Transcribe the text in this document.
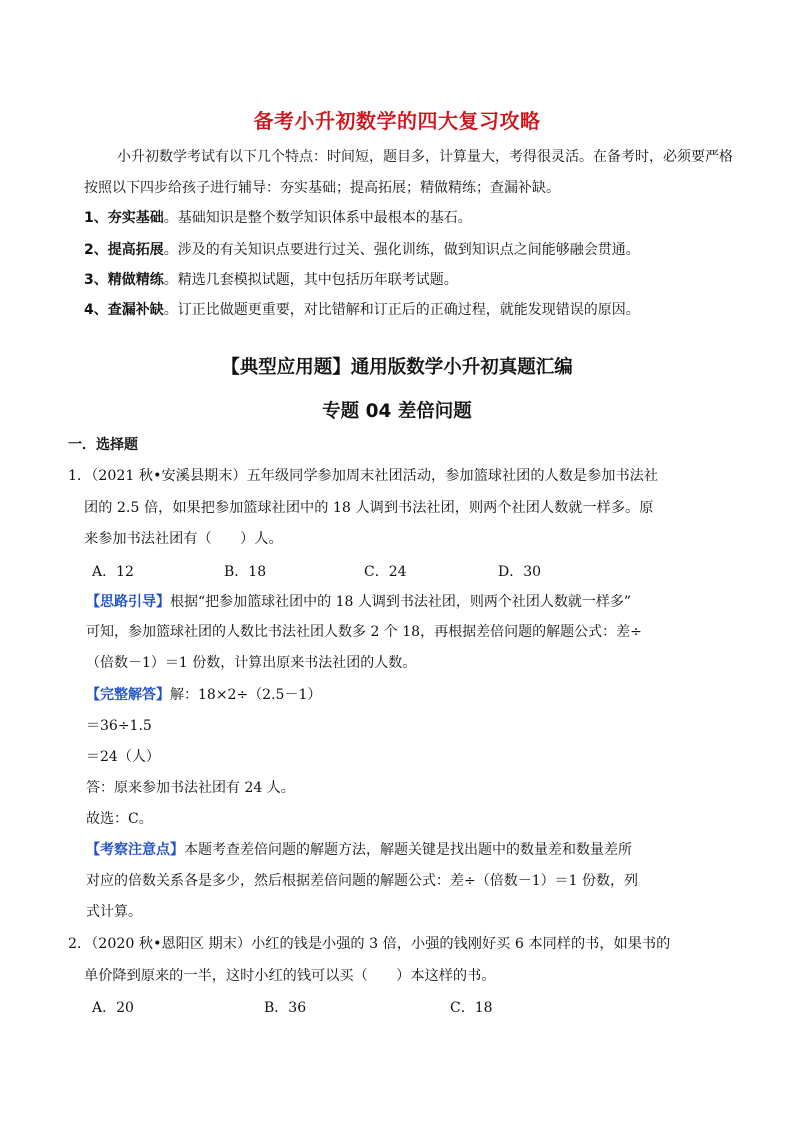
备考小升初数学的四大复习攻略
小升初数学考试有以下几个特点：时间短，题目多，计算量大，考得很灵活。在备考时，必须要严格
按照以下四步给孩子进行辅导：夯实基础；提高拓展；精做精练；查漏补缺。
1、夯实基础。基础知识是整个数学知识体系中最根本的基石。
2、提高拓展。涉及的有关知识点要进行过关、强化训练，做到知识点之间能够融会贯通。
3、精做精练。精选几套模拟试题，其中包括历年联考试题。
4、查漏补缺。订正比做题更重要，对比错解和订正后的正确过程，就能发现错误的原因。
【典型应用题】通用版数学小升初真题汇编
专题 04 差倍问题
一．选择题
1．（2021 秋•安溪县期末）五年级同学参加周末社团活动，参加篮球社团的人数是参加书法社
团的 2.5 倍，如果把参加篮球社团中的 18 人调到书法社团，则两个社团人数就一样多。原
来参加书法社团有（　　）人。
A．12	B．18	C．24	D．30
【思路引导】根据“把参加篮球社团中的 18 人调到书法社团，则两个社团人数就一样多”
可知，参加篮球社团的人数比书法社团人数多 2 个 18，再根据差倍问题的解题公式：差÷
（倍数－1）＝1 份数，计算出原来书法社团的人数。
【完整解答】解：18×2÷（2.5－1）
＝36÷1.5
＝24（人）
答：原来参加书法社团有 24 人。
故选：C。
【考察注意点】本题考查差倍问题的解题方法，解题关键是找出题中的数量差和数量差所
对应的倍数关系各是多少，然后根据差倍问题的解题公式：差÷（倍数－1）＝1 份数，列
式计算。
2．（2020 秋•恩阳区 期末）小红的钱是小强的 3 倍，小强的钱刚好买 6 本同样的书，如果书的
单价降到原来的一半，这时小红的钱可以买（　　）本这样的书。
A．20	B．36	C．18
